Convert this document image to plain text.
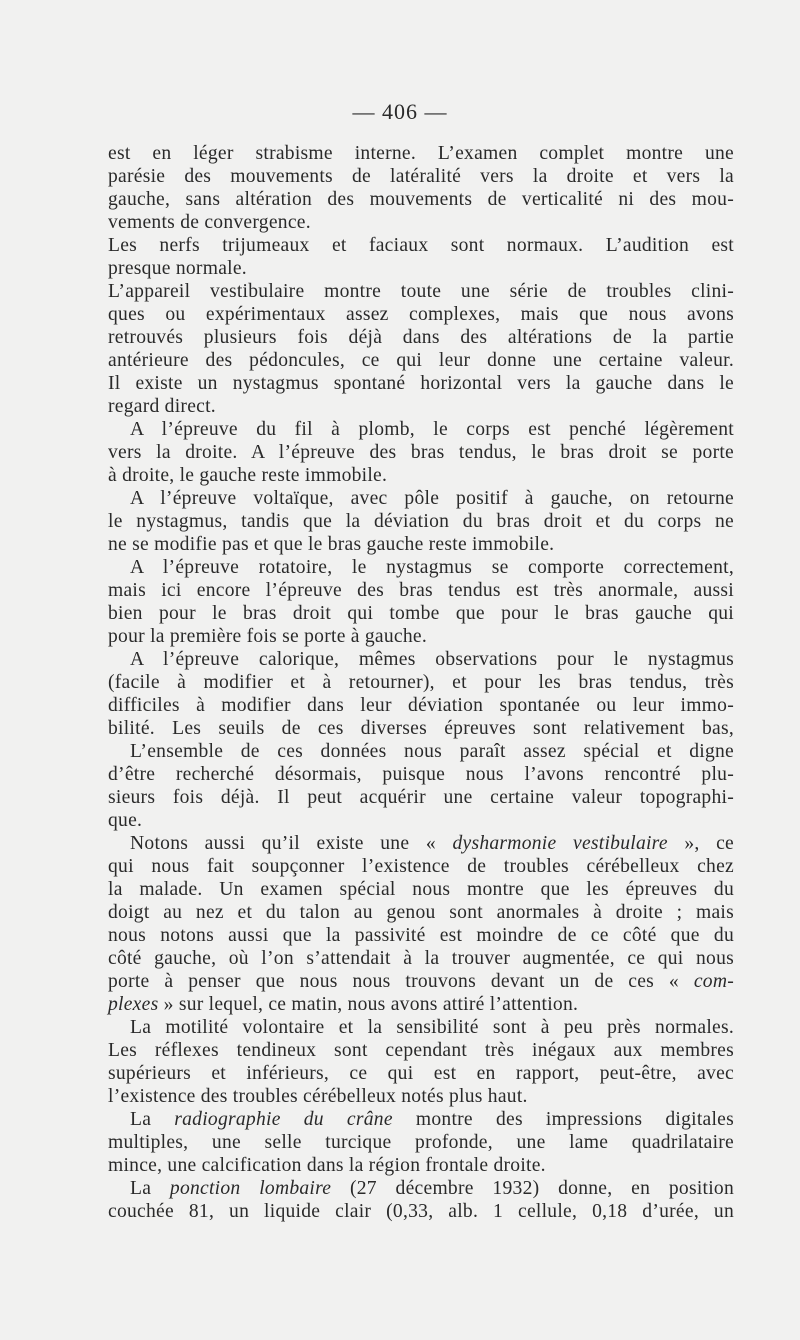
— 406 —
est en léger strabisme interne. L’examen complet montre une
parésie des mouvements de latéralité vers la droite et vers la
gauche, sans altération des mouvements de verticalité ni des mou-
vements de convergence.
Les nerfs trijumeaux et faciaux sont normaux. L’audition est
presque normale.
L’appareil vestibulaire montre toute une série de troubles clini-
ques ou expérimentaux assez complexes, mais que nous avons
retrouvés plusieurs fois déjà dans des altérations de la partie
antérieure des pédoncules, ce qui leur donne une certaine valeur.
Il existe un nystagmus spontané horizontal vers la gauche dans le
regard direct.
A l’épreuve du fil à plomb, le corps est penché légèrement
vers la droite. A l’épreuve des bras tendus, le bras droit se porte
à droite, le gauche reste immobile.
A l’épreuve voltaïque, avec pôle positif à gauche, on retourne
le nystagmus, tandis que la déviation du bras droit et du corps ne
ne se modifie pas et que le bras gauche reste immobile.
A l’épreuve rotatoire, le nystagmus se comporte correctement,
mais ici encore l’épreuve des bras tendus est très anormale, aussi
bien pour le bras droit qui tombe que pour le bras gauche qui
pour la première fois se porte à gauche.
A l’épreuve calorique, mêmes observations pour le nystagmus
(facile à modifier et à retourner), et pour les bras tendus, très
difficiles à modifier dans leur déviation spontanée ou leur immo-
bilité. Les seuils de ces diverses épreuves sont relativement bas,
L’ensemble de ces données nous paraît assez spécial et digne
d’être recherché désormais, puisque nous l’avons rencontré plu-
sieurs fois déjà. Il peut acquérir une certaine valeur topographi-
que.
Notons aussi qu’il existe une « dysharmonie vestibulaire », ce
qui nous fait soupçonner l’existence de troubles cérébelleux chez
la malade. Un examen spécial nous montre que les épreuves du
doigt au nez et du talon au genou sont anormales à droite ; mais
nous notons aussi que la passivité est moindre de ce côté que du
côté gauche, où l’on s’attendait à la trouver augmentée, ce qui nous
porte à penser que nous nous trouvons devant un de ces « com-
plexes » sur lequel, ce matin, nous avons attiré l’attention.
La motilité volontaire et la sensibilité sont à peu près normales.
Les réflexes tendineux sont cependant très inégaux aux membres
supérieurs et inférieurs, ce qui est en rapport, peut-être, avec
l’existence des troubles cérébelleux notés plus haut.
La radiographie du crâne montre des impressions digitales
multiples, une selle turcique profonde, une lame quadrilataire
mince, une calcification dans la région frontale droite.
La ponction lombaire (27 décembre 1932) donne, en position
couchée 81, un liquide clair (0,33, alb. 1 cellule, 0,18 d’urée, un
